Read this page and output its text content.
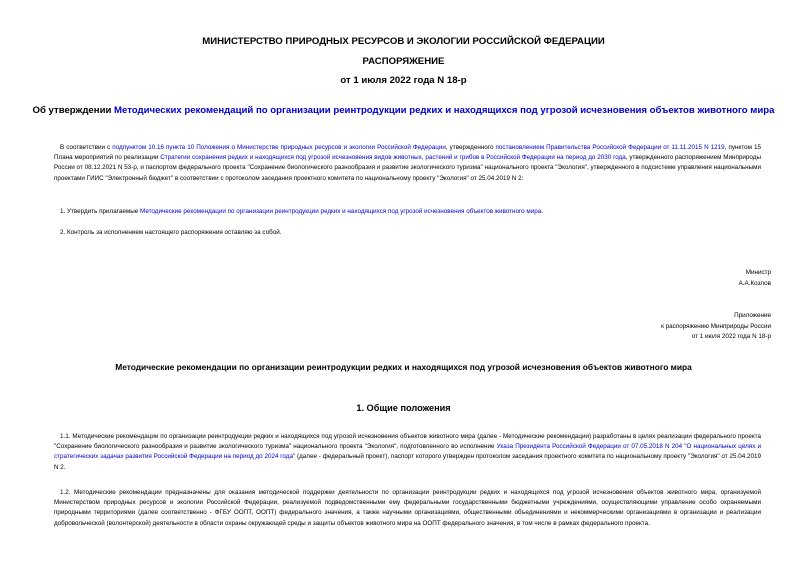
МИНИСТЕРСТВО ПРИРОДНЫХ РЕСУРСОВ И ЭКОЛОГИИ РОССИЙСКОЙ ФЕДЕРАЦИИ
РАСПОРЯЖЕНИЕ
от 1 июля 2022 года N 18-р
Об утверждении Методических рекомендаций по организации реинтродукции редких и находящихся под угрозой исчезновения объектов животного мира
В соответствии с подпунктом 10.16 пункта 10 Положения о Министерстве природных ресурсов и экологии Российской Федерации, утвержденного постановлением Правительства Российской Федерации от 11.11.2015 N 1219, пунктом 15 Плана мероприятий по реализации Стратегии сохранения редких и находящихся под угрозой исчезновения видов животных, растений и грибов в Российской Федерации на период до 2030 года, утвержденного распоряжением Минприроды России от 08.12.2021 N 53-р, и паспортом федерального проекта "Сохранение биологического разнообразия и развитие экологического туризма" национального проекта "Экология", утвержденного в подсистеме управления национальными проектами ГИИС "Электронный бюджет" в соответствии с протоколом заседания проектного комитета по национальному проекту "Экология" от 25.04.2019 N 2:
1. Утвердить прилагаемые Методические рекомендации по организации реинтродукции редких и находящихся под угрозой исчезновения объектов животного мира.
2. Контроль за исполнением настоящего распоряжения оставляю за собой.
Министр
А.А.Козлов
Приложение
к распоряжению Минприроды России
от 1 июля 2022 года N 18-р
Методические рекомендации по организации реинтродукции редких и находящихся под угрозой исчезновения объектов животного мира
1. Общие положения
1.1. Методические рекомендации по организации реинтродукции редких и находящихся под угрозой исчезновения объектов животного мира (далее - Методические рекомендации) разработаны в целях реализации федерального проекта "Сохранение биологического разнообразия и развитие экологического туризма" национального проекта "Экология", подготовленного во исполнение Указа Президента Российской Федерации от 07.05.2018 N 204 "О национальных целях и стратегических задачах развития Российской Федерации на период до 2024 года" (далее - федеральный проект), паспорт которого утвержден протоколом заседания проектного комитета по национальному проекту "Экология" от 25.04.2019 N 2.
1.2. Методические рекомендации предназначены для оказания методической поддержки деятельности по организации реинтродукции редких и находящихся под угрозой исчезновения объектов животного мира, организуемой Министерством природных ресурсов и экологии Российской Федерации, реализуемой подведомственными ему федеральными государственными бюджетными учреждениями, осуществляющими управление особо охраняемыми природными территориями (далее соответственно - ФГБУ ООПТ, ООПТ) федерального значения, а также научными организациями, общественными объединениями и некоммерческими организациями в организации и реализации добровольческой (волонтерской) деятельности в области охраны окружающей среды и защиты объектов животного мира на ООПТ федерального значения, в том числе в рамках федерального проекта.
